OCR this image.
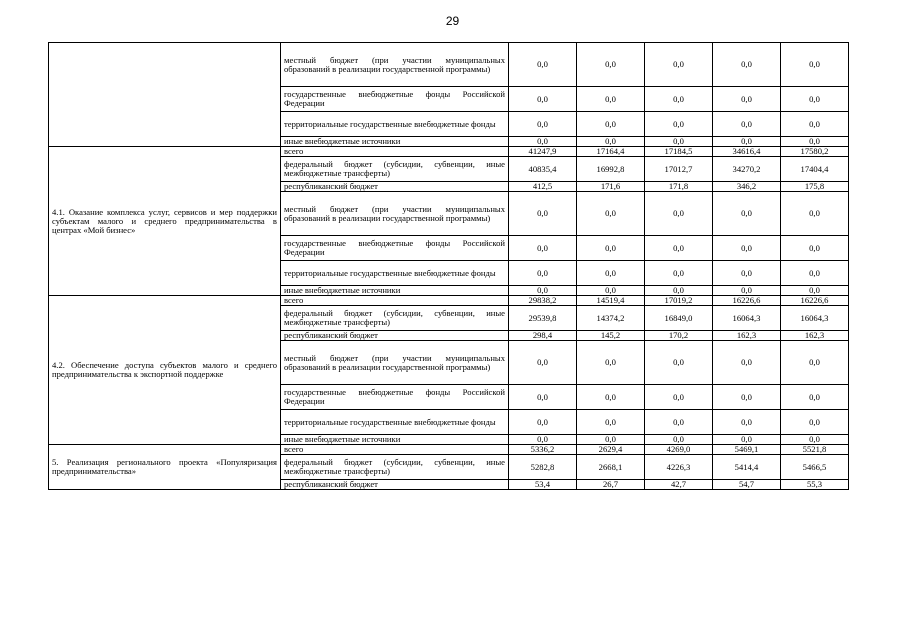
29
	местный бюджет (при участии муниципальных образований в реализации государственной программы)	0,0	0,0	0,0	0,0	0,0
	государственные внебюджетные фонды Российской Федерации	0,0	0,0	0,0	0,0	0,0
	территориальные государственные внебюджетные фонды	0,0	0,0	0,0	0,0	0,0
	иные внебюджетные источники	0,0	0,0	0,0	0,0	0,0
4.1. Оказание комплекса услуг, сервисов и мер поддержки субъектам малого и среднего предпринимательства в центрах «Мой бизнес»	всего	41247,9	17164,4	17184,5	34616,4	17580,2
	федеральный бюджет (субсидии, субвенции, иные межбюджетные трансферты)	40835,4	16992,8	17012,7	34270,2	17404,4
	республиканский бюджет	412,5	171,6	171,8	346,2	175,8
	местный бюджет (при участии муниципальных образований в реализации государственной программы)	0,0	0,0	0,0	0,0	0,0
	государственные внебюджетные фонды Российской Федерации	0,0	0,0	0,0	0,0	0,0
	территориальные государственные внебюджетные фонды	0,0	0,0	0,0	0,0	0,0
	иные внебюджетные источники	0,0	0,0	0,0	0,0	0,0
4.2. Обеспечение доступа субъектов малого и среднего предпринимательства к экспортной поддержке	всего	29838,2	14519,4	17019,2	16226,6	16226,6
	федеральный бюджет (субсидии, субвенции, иные межбюджетные трансферты)	29539,8	14374,2	16849,0	16064,3	16064,3
	республиканский бюджет	298,4	145,2	170,2	162,3	162,3
	местный бюджет (при участии муниципальных образований в реализации государственной программы)	0,0	0,0	0,0	0,0	0,0
	государственные внебюджетные фонды Российской Федерации	0,0	0,0	0,0	0,0	0,0
	территориальные государственные внебюджетные фонды	0,0	0,0	0,0	0,0	0,0
	иные внебюджетные источники	0,0	0,0	0,0	0,0	0,0
5. Реализация регионального проекта «Популяризация предпринимательства»	всего	5336,2	2629,4	4269,0	5469,1	5521,8
	федеральный бюджет (субсидии, субвенции, иные межбюджетные трансферты)	5282,8	2668,1	4226,3	5414,4	5466,5
	республиканский бюджет	53,4	26,7	42,7	54,7	55,3
